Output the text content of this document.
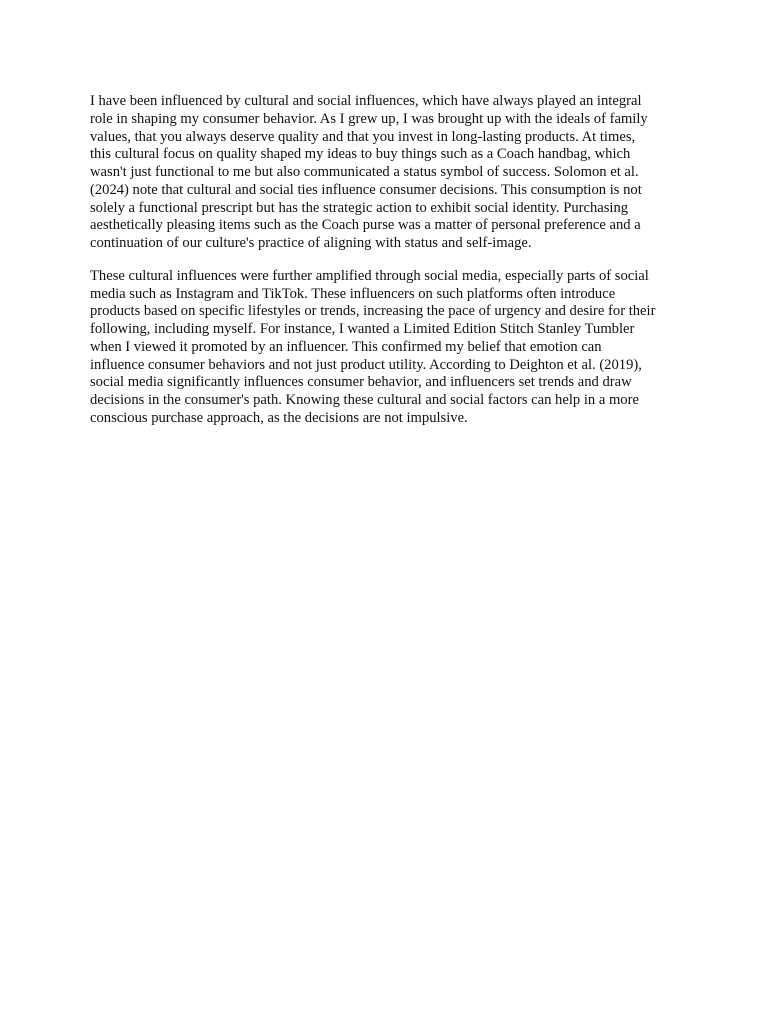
I have been influenced by cultural and social influences, which have always played an integral
role in shaping my consumer behavior. As I grew up, I was brought up with the ideals of family
values, that you always deserve quality and that you invest in long-lasting products. At times,
this cultural focus on quality shaped my ideas to buy things such as a Coach handbag, which
wasn't just functional to me but also communicated a status symbol of success. Solomon et al.
(2024) note that cultural and social ties influence consumer decisions. This consumption is not
solely a functional prescript but has the strategic action to exhibit social identity. Purchasing
aesthetically pleasing items such as the Coach purse was a matter of personal preference and a
continuation of our culture's practice of aligning with status and self-image.

These cultural influences were further amplified through social media, especially parts of social
media such as Instagram and TikTok. These influencers on such platforms often introduce
products based on specific lifestyles or trends, increasing the pace of urgency and desire for their
following, including myself. For instance, I wanted a Limited Edition Stitch Stanley Tumbler
when I viewed it promoted by an influencer. This confirmed my belief that emotion can
influence consumer behaviors and not just product utility. According to Deighton et al. (2019),
social media significantly influences consumer behavior, and influencers set trends and draw
decisions in the consumer's path. Knowing these cultural and social factors can help in a more
conscious purchase approach, as the decisions are not impulsive.
